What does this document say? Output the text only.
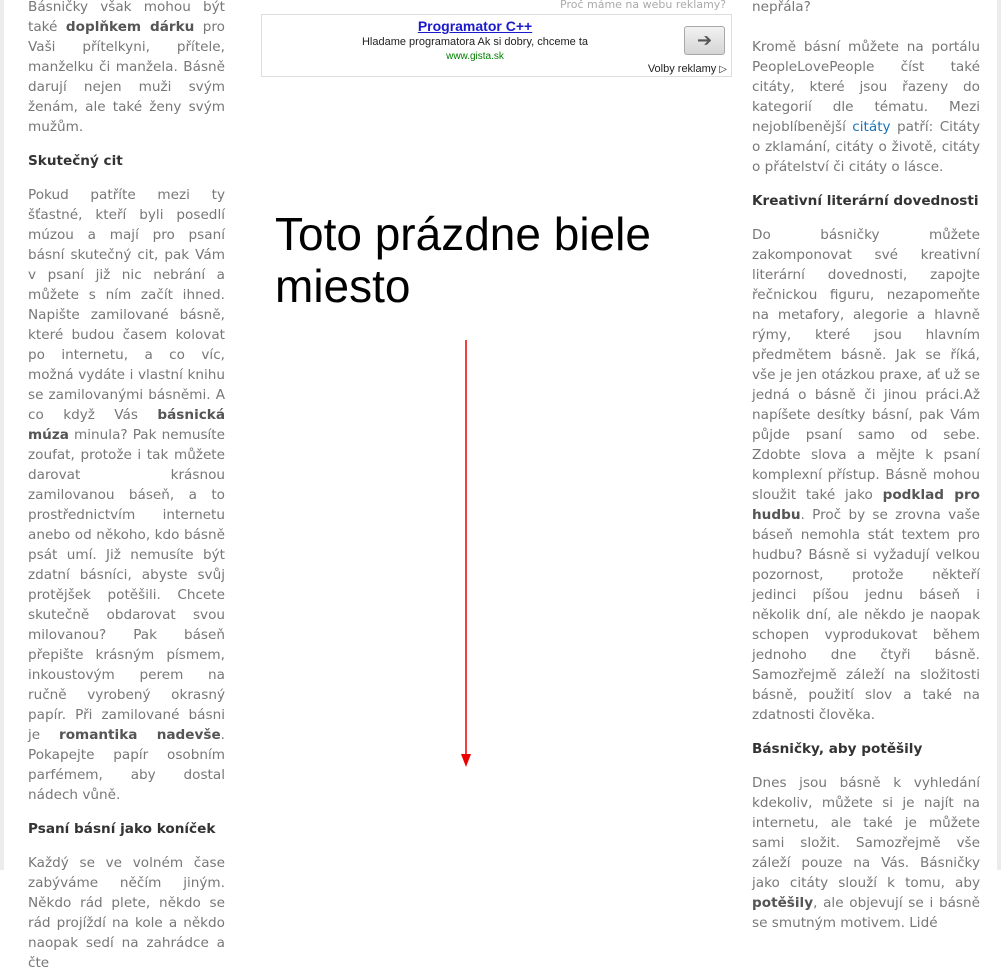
Básničky však mohou být také doplňkem dárku pro Vaši přítelkyni, přítele, manželku či manžela. Básně darují nejen muži svým ženám, ale také ženy svým mužům.

Skutečný cit

Pokud patříte mezi ty šťastné, kteří byli posedlí múzou a mají pro psaní básní skutečný cit, pak Vám v psaní již nic nebrání a můžete s ním začít ihned. Napište zamilované básně, které budou časem kolovat po internetu, a co víc, možná vydáte i vlastní knihu se zamilovanými básněmi. A co když Vás básnická múza minula? Pak nemusíte zoufat, protože i tak můžete darovat krásnou zamilovanou báseň, a to prostřednictvím internetu anebo od někoho, kdo básně psát umí. Již nemusíte být zdatní básníci, abyste svůj protějšek potěšili. Chcete skutečně obdarovat svou milovanou? Pak báseň přepište krásným písmem, inkoustovým perem na ručně vyrobený okrasný papír. Při zamilované básni je romantika nadevše. Pokapejte papír osobním parfémem, aby dostal nádech vůně.

Psaní básní jako koníček

Každý se ve volném čase zabýváme něčím jiným. Někdo rád plete, někdo se rád projíždí na kole a někdo naopak sedí na zahrádce a čte

Proč máme na webu reklamy?
Programator C++
Hladame programatora Ak si dobry, chceme ta
www.gista.sk
➔
Volby reklamy ▷
Toto prázdne biele miesto

nepřála?

Kromě básní můžete na portálu PeopleLovePeople číst také citáty, které jsou řazeny do kategorií dle tématu. Mezi nejoblíbenější citáty patří: Citáty o zklamání, citáty o životě, citáty o přátelství či citáty o lásce.

Kreativní literární dovednosti

Do básničky můžete zakomponovat své kreativní literární dovednosti, zapojte řečnickou figuru, nezapomeňte na metafory, alegorie a hlavně rýmy, které jsou hlavním předmětem básně. Jak se říká, vše je jen otázkou praxe, ať už se jedná o básně či jinou práci.Až napíšete desítky básní, pak Vám půjde psaní samo od sebe. Zdobte slova a mějte k psaní komplexní přístup. Básně mohou sloužit také jako podklad pro hudbu. Proč by se zrovna vaše báseň nemohla stát textem pro hudbu? Básně si vyžadují velkou pozornost, protože někteří jedinci píšou jednu báseň i několik dní, ale někdo je naopak schopen vyprodukovat během jednoho dne čtyři básně. Samozřejmě záleží na složitosti básně, použití slov a také na zdatnosti člověka.

Básničky, aby potěšily

Dnes jsou básně k vyhledání kdekoliv, můžete si je najít na internetu, ale také je můžete sami složit. Samozřejmě vše záleží pouze na Vás. Básničky jako citáty slouží k tomu, aby potěšily, ale objevují se i básně se smutným motivem. Lidé
